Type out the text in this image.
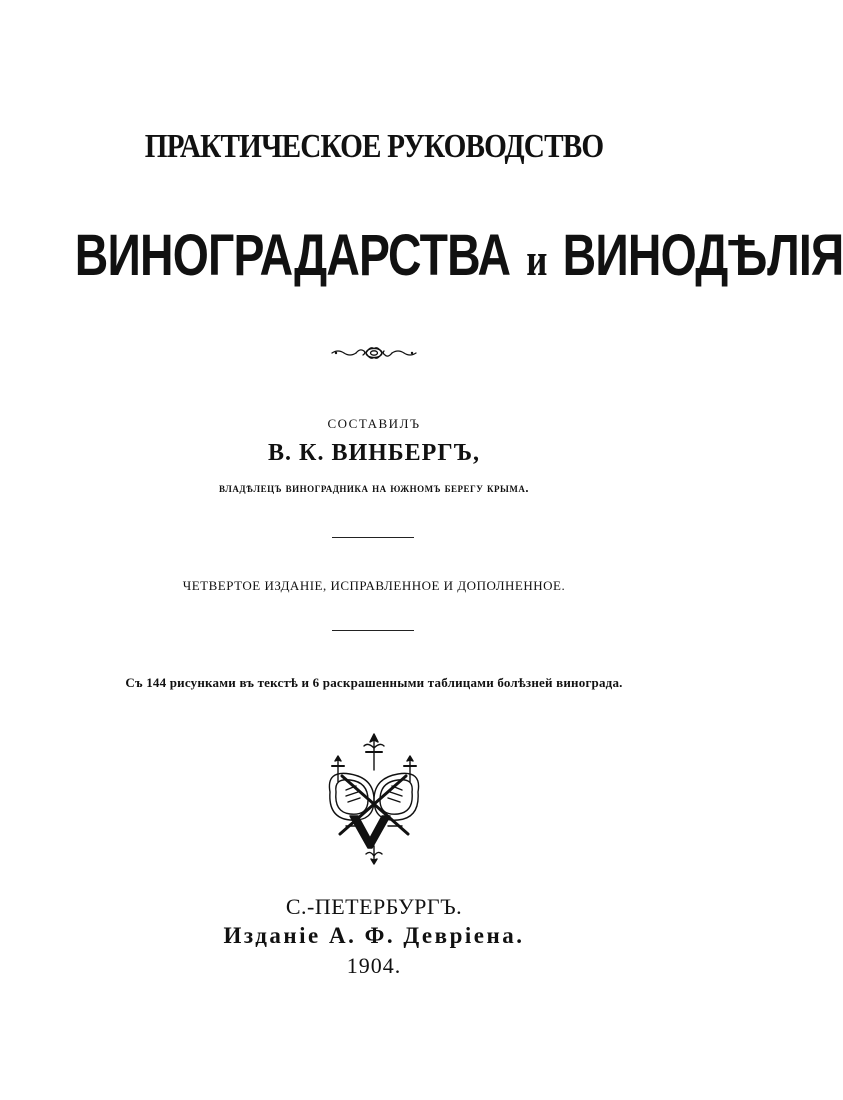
ПРАКТИЧЕСКОЕ РУКОВОДСТВО
ВИНОГРАДАРСТВА и ВИНОДѢЛІЯ
СОСТАВИЛЪ
В. К. ВИНБЕРГЪ,
владѣлецъ виноградника на южномъ берегу крыма.
ЧЕТВЕРТОЕ ИЗДАНІЕ, ИСПРАВЛЕННОЕ И ДОПОЛНЕННОЕ.
Съ 144 рисунками въ текстѣ и 6 раскрашенными таблицами болѣзней винограда.
С.-ПЕТЕРБУРГЪ.
Изданіе А. Ф. Девріена.
1904.
